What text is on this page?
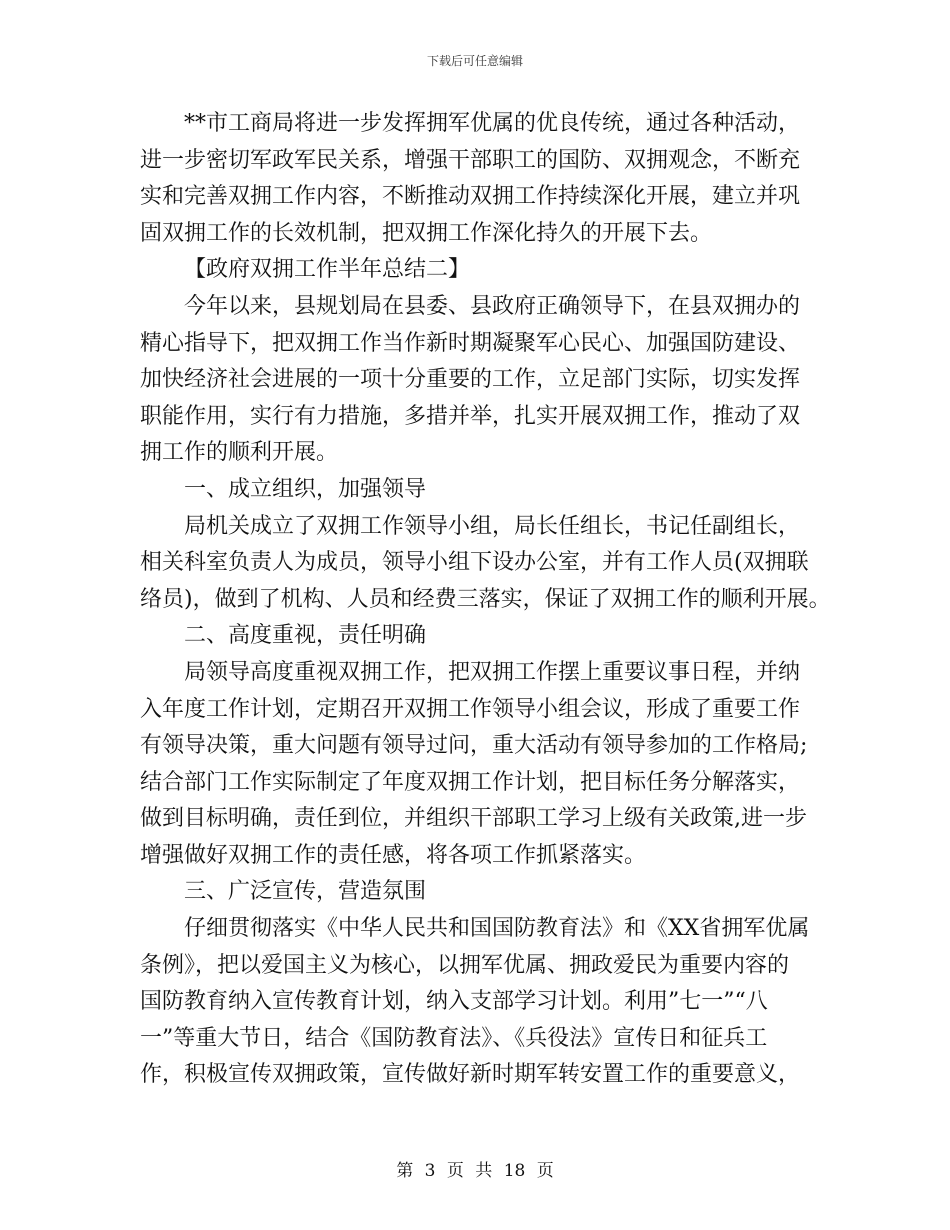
下载后可任意编辑
**市工商局将进一步发挥拥军优属的优良传统，通过各种活动，
进一步密切军政军民关系，增强干部职工的国防、双拥观念，不断充
实和完善双拥工作内容，不断推动双拥工作持续深化开展，建立并巩
固双拥工作的长效机制，把双拥工作深化持久的开展下去。
【政府双拥工作半年总结二】
今年以来，县规划局在县委、县政府正确领导下，在县双拥办的
精心指导下，把双拥工作当作新时期凝聚军心民心、加强国防建设、
加快经济社会进展的一项十分重要的工作，立足部门实际，切实发挥
职能作用，实行有力措施，多措并举，扎实开展双拥工作，推动了双
拥工作的顺利开展。
一、成立组织，加强领导
局机关成立了双拥工作领导小组，局长任组长，书记任副组长，
相关科室负责人为成员，领导小组下设办公室，并有工作人员(双拥联
络员)，做到了机构、人员和经费三落实，保证了双拥工作的顺利开展。
二、高度重视，责任明确
局领导高度重视双拥工作，把双拥工作摆上重要议事日程，并纳
入年度工作计划，定期召开双拥工作领导小组会议，形成了重要工作
有领导决策，重大问题有领导过问，重大活动有领导参加的工作格局;
结合部门工作实际制定了年度双拥工作计划，把目标任务分解落实，
做到目标明确，责任到位，并组织干部职工学习上级有关政策,进一步
增强做好双拥工作的责任感，将各项工作抓紧落实。
三、广泛宣传，营造氛围
仔细贯彻落实《中华人民共和国国防教育法》和《XX省拥军优属
条例》，把以爱国主义为核心，以拥军优属、拥政爱民为重要内容的
国防教育纳入宣传教育计划，纳入支部学习计划。利用”七一”“八
一”等重大节日，结合《国防教育法》、《兵役法》宣传日和征兵工
作，积极宣传双拥政策，宣传做好新时期军转安置工作的重要意义，
第 3 页 共 18 页
